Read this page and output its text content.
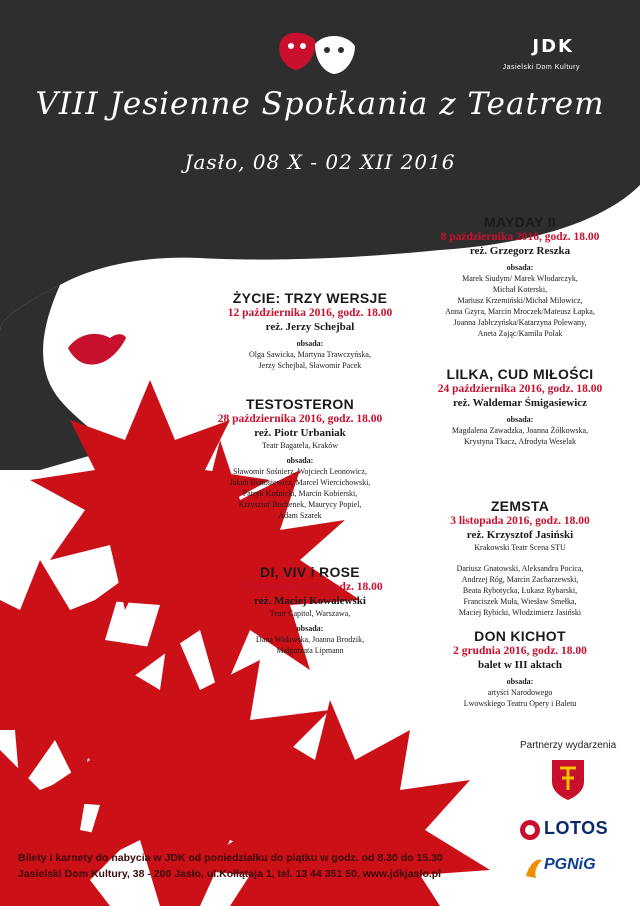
JDK
Jasielski Dom Kultury
VIII Jesienne Spotkania z Teatrem
Jasło, 08 X - 02 XII 2016
MAYDAY II
8 października 2016, godz. 18.00
reż. Grzegorz Reszka
obsada:
Marek Siudym/ Marek Włodarczyk,
Michał Koterski,
Mariusz Krzemiński/Michał Milowicz,
Anna Gzyra, Marcin Mroczek/Mateusz Łapka,
Joanna Jabłczyńska/Katarzyna Polewany,
Aneta Zając/Kamila Polak
ŻYCIE: TRZY WERSJE
12 października 2016, godz. 18.00
reż. Jerzy Schejbal
obsada:
Olga Sawicka, Martyna Trawczyńska,
Jerzy Schejbal, Sławomir Pacek
LILKA, CUD MIŁOŚCI
24 października 2016, godz. 18.00
reż. Waldemar Śmigasiewicz
obsada:
Magdalena Zawadzka, Joanna Żółkowska,
Krystyna Tkacz, Afrodyta Weselak
TESTOSTERON
28 października 2016, godz. 18.00
reż. Piotr Urbaniak
Teatr Bagatela, Kraków
obsada:
Sławomir Sośnierz, Wojciech Leonowicz,
Jakub Bohosiewicz, Marcel Wiercichowski,
Patryk Kośnicki, Marcin Kobierski,
Krzysztof Bochenek, Maurycy Popiel,
Adam Szarek
ZEMSTA
3 listopada 2016, godz. 18.00
reż. Krzysztof Jasiński
Krakowski Teatr Scena STU
Dariusz Gnatowski, Aleksandra Pocica,
Andrzej Róg, Marcin Zacharzewski,
Beata Rybotycka, Łukasz Rybarski,
Franciszek Muła, Wiesław Smełka,
Maciej Rybicki, Włodzimierz Jasiński
DI, VIV i ROSE
17 listopada 2016, godz. 18.00
reż. Maciej Kowalewski
Teatr Capitol, Warszawa,
obsada:
Dana Widawska, Joanna Brodzik,
Małgorzata Lipmann
DON KICHOT
2 grudnia 2016, godz. 18.00
balet w III aktach
obsada:
artyści Narodowego
Lwowskiego Teatru Opery i Baletu
Partnerzy wydarzenia
LOTOS
PGNiG
Bilety i karnety do nabycia w JDK od poniedziałku do piątku w godz. od 8.30 do 15.30
Jasielski Dom Kultury, 38 - 200 Jasło, ul.Kołłątaja 1, tel. 13 44 351 50, www.jdkjaslo.pl
